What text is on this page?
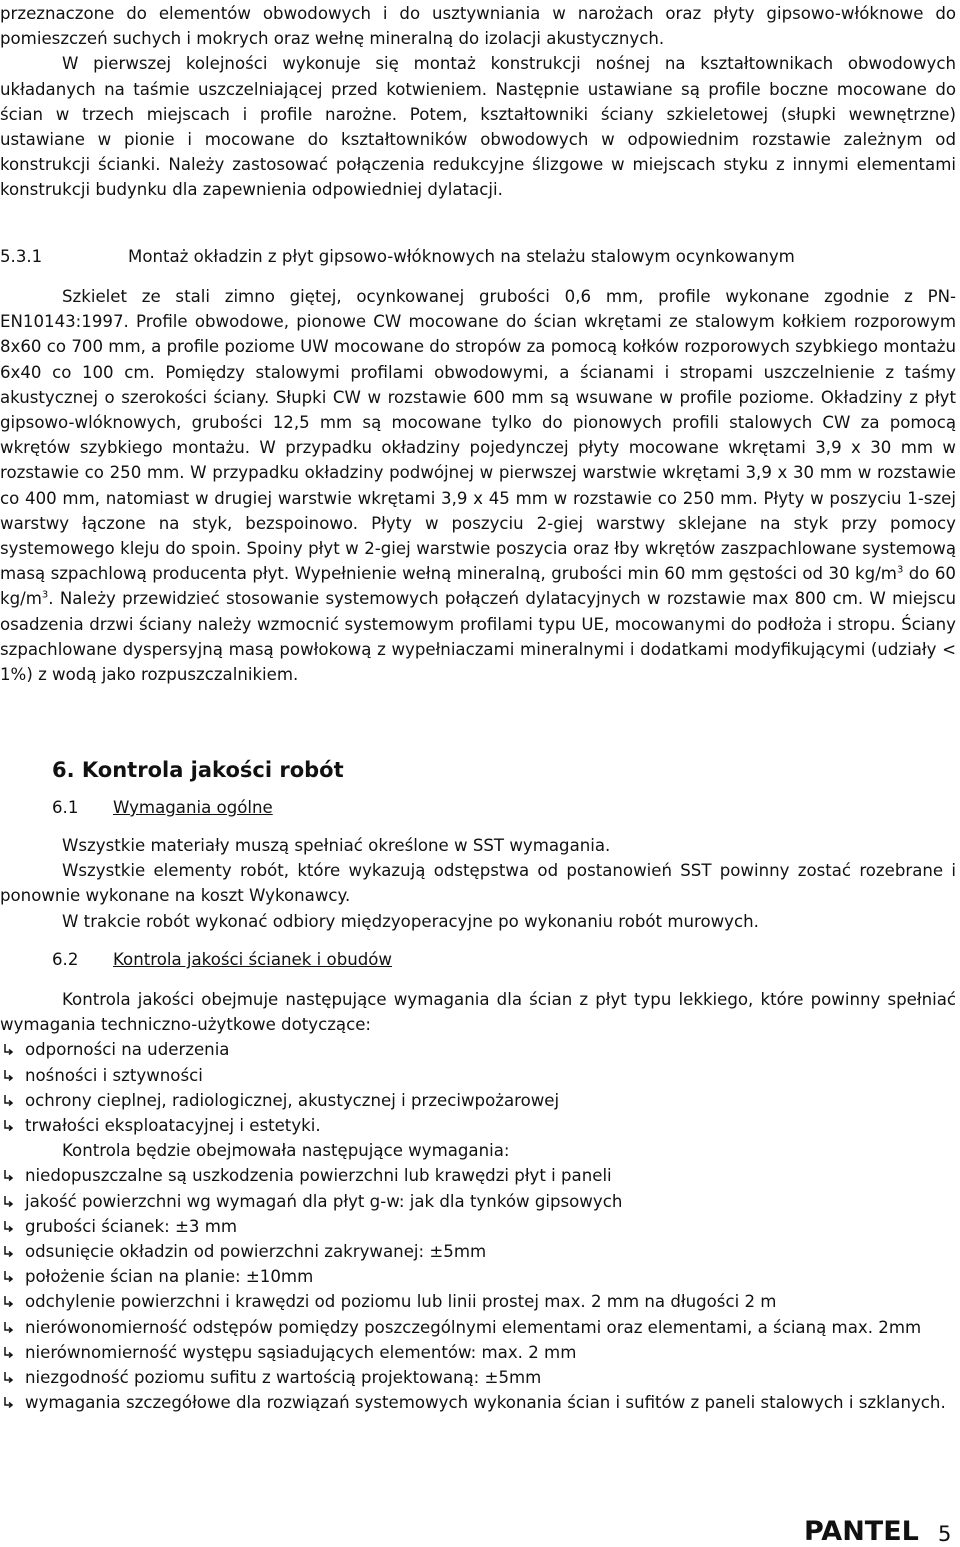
przeznaczone do elementów obwodowych i do usztywniania w narożach oraz płyty gipsowo-włóknowe do pomieszczeń suchych i mokrych oraz wełnę mineralną do izolacji akustycznych.

W pierwszej kolejności wykonuje się montaż konstrukcji nośnej na kształtownikach obwodowych układanych na taśmie uszczelniającej przed kotwieniem. Następnie ustawiane są profile boczne mocowane do ścian w trzech miejscach i profile narożne. Potem, kształtowniki ściany szkieletowej (słupki wewnętrzne) ustawiane w pionie i mocowane do kształtowników obwodowych w odpowiednim rozstawie zależnym od konstrukcji ścianki. Należy zastosować połączenia redukcyjne ślizgowe w miejscach styku z innymi elementami konstrukcji budynku dla zapewnienia odpowiedniej dylatacji.

5.3.1	Montaż okładzin z płyt gipsowo-włóknowych na stelażu stalowym ocynkowanym

Szkielet ze stali zimno giętej, ocynkowanej grubości 0,6 mm, profile wykonane zgodnie z PN-EN10143:1997. Profile obwodowe, pionowe CW mocowane do ścian wkrętami ze stalowym kołkiem rozporowym 8x60 co 700 mm, a profile poziome UW mocowane do stropów za pomocą kołków rozporowych szybkiego montażu 6x40 co 100 cm. Pomiędzy stalowymi profilami obwodowymi, a ścianami i stropami uszczelnienie z taśmy akustycznej o szerokości ściany. Słupki CW w rozstawie 600 mm są wsuwane w profile poziome. Okładziny z płyt gipsowo-wlóknowych, grubości 12,5 mm są mocowane tylko do pionowych profili stalowych CW za pomocą wkrętów szybkiego montażu. W przypadku okładziny pojedynczej płyty mocowane wkrętami 3,9 x 30 mm w rozstawie co 250 mm. W przypadku okładziny podwójnej w pierwszej warstwie wkrętami 3,9 x 30 mm w rozstawie co 400 mm, natomiast w drugiej warstwie wkrętami 3,9 x 45 mm w rozstawie co 250 mm. Płyty w poszyciu 1-szej warstwy łączone na styk, bezspoinowo. Płyty w poszyciu 2-giej warstwy sklejane na styk przy pomocy systemowego kleju do spoin. Spoiny płyt w 2-giej warstwie poszycia oraz łby wkrętów zaszpachlowane systemową masą szpachlową producenta płyt. Wypełnienie wełną mineralną, grubości min 60 mm gęstości od 30 $kg/m^3$ do 60 $kg/m^3$. Należy przewidzieć stosowanie systemowych połączeń dylatacyjnych w rozstawie max 800 cm. W miejscu osadzenia drzwi ściany należy wzmocnić systemowym profilami typu UE, mocowanymi do podłoża i stropu. Ściany szpachlowane dyspersyjną masą powłokową z wypełniaczami mineralnymi i dodatkami modyfikującymi (udziały < 1%) z wodą jako rozpuszczalnikiem.

6. Kontrola jakości robót
6.1 Wymagania ogólne

Wszystkie materiały muszą spełniać określone w SST wymagania.

Wszystkie elementy robót, które wykazują odstępstwa od postanowień SST powinny zostać rozebrane i ponownie wykonane na koszt Wykonawcy.

W trakcie robót wykonać odbiory międzyoperacyjne po wykonaniu robót murowych.

6.2 Kontrola jakości ścianek i obudów

Kontrola jakości obejmuje następujące wymagania dla ścian z płyt typu lekkiego, które powinny spełniać wymagania techniczno-użytkowe dotyczące:

odporności na uderzenia
nośności i sztywności
ochrony cieplnej, radiologicznej, akustycznej i przeciwpożarowej
trwałości eksploatacyjnej i estetyki.

Kontrola będzie obejmowała następujące wymagania:

niedopuszczalne są uszkodzenia powierzchni lub krawędzi płyt i paneli
jakość powierzchni wg wymagań dla płyt g-w: jak dla tynków gipsowych
grubości ścianek: ±3 mm
odsunięcie okładzin od powierzchni zakrywanej: ±5mm
położenie ścian na planie: ±10mm
odchylenie powierzchni i krawędzi od poziomu lub linii prostej max. 2 mm na długości 2 m
nierówonomierność odstępów pomiędzy poszczególnymi elementami oraz elementami, a ścianą max. 2mm
nierównomierność występu sąsiadujących elementów: max. 2 mm
niezgodność poziomu sufitu z wartością projektowaną: ±5mm
wymagania szczegółowe dla rozwiązań systemowych wykonania ścian i sufitów z paneli stalowych i szklanych.
PANTEL 5
